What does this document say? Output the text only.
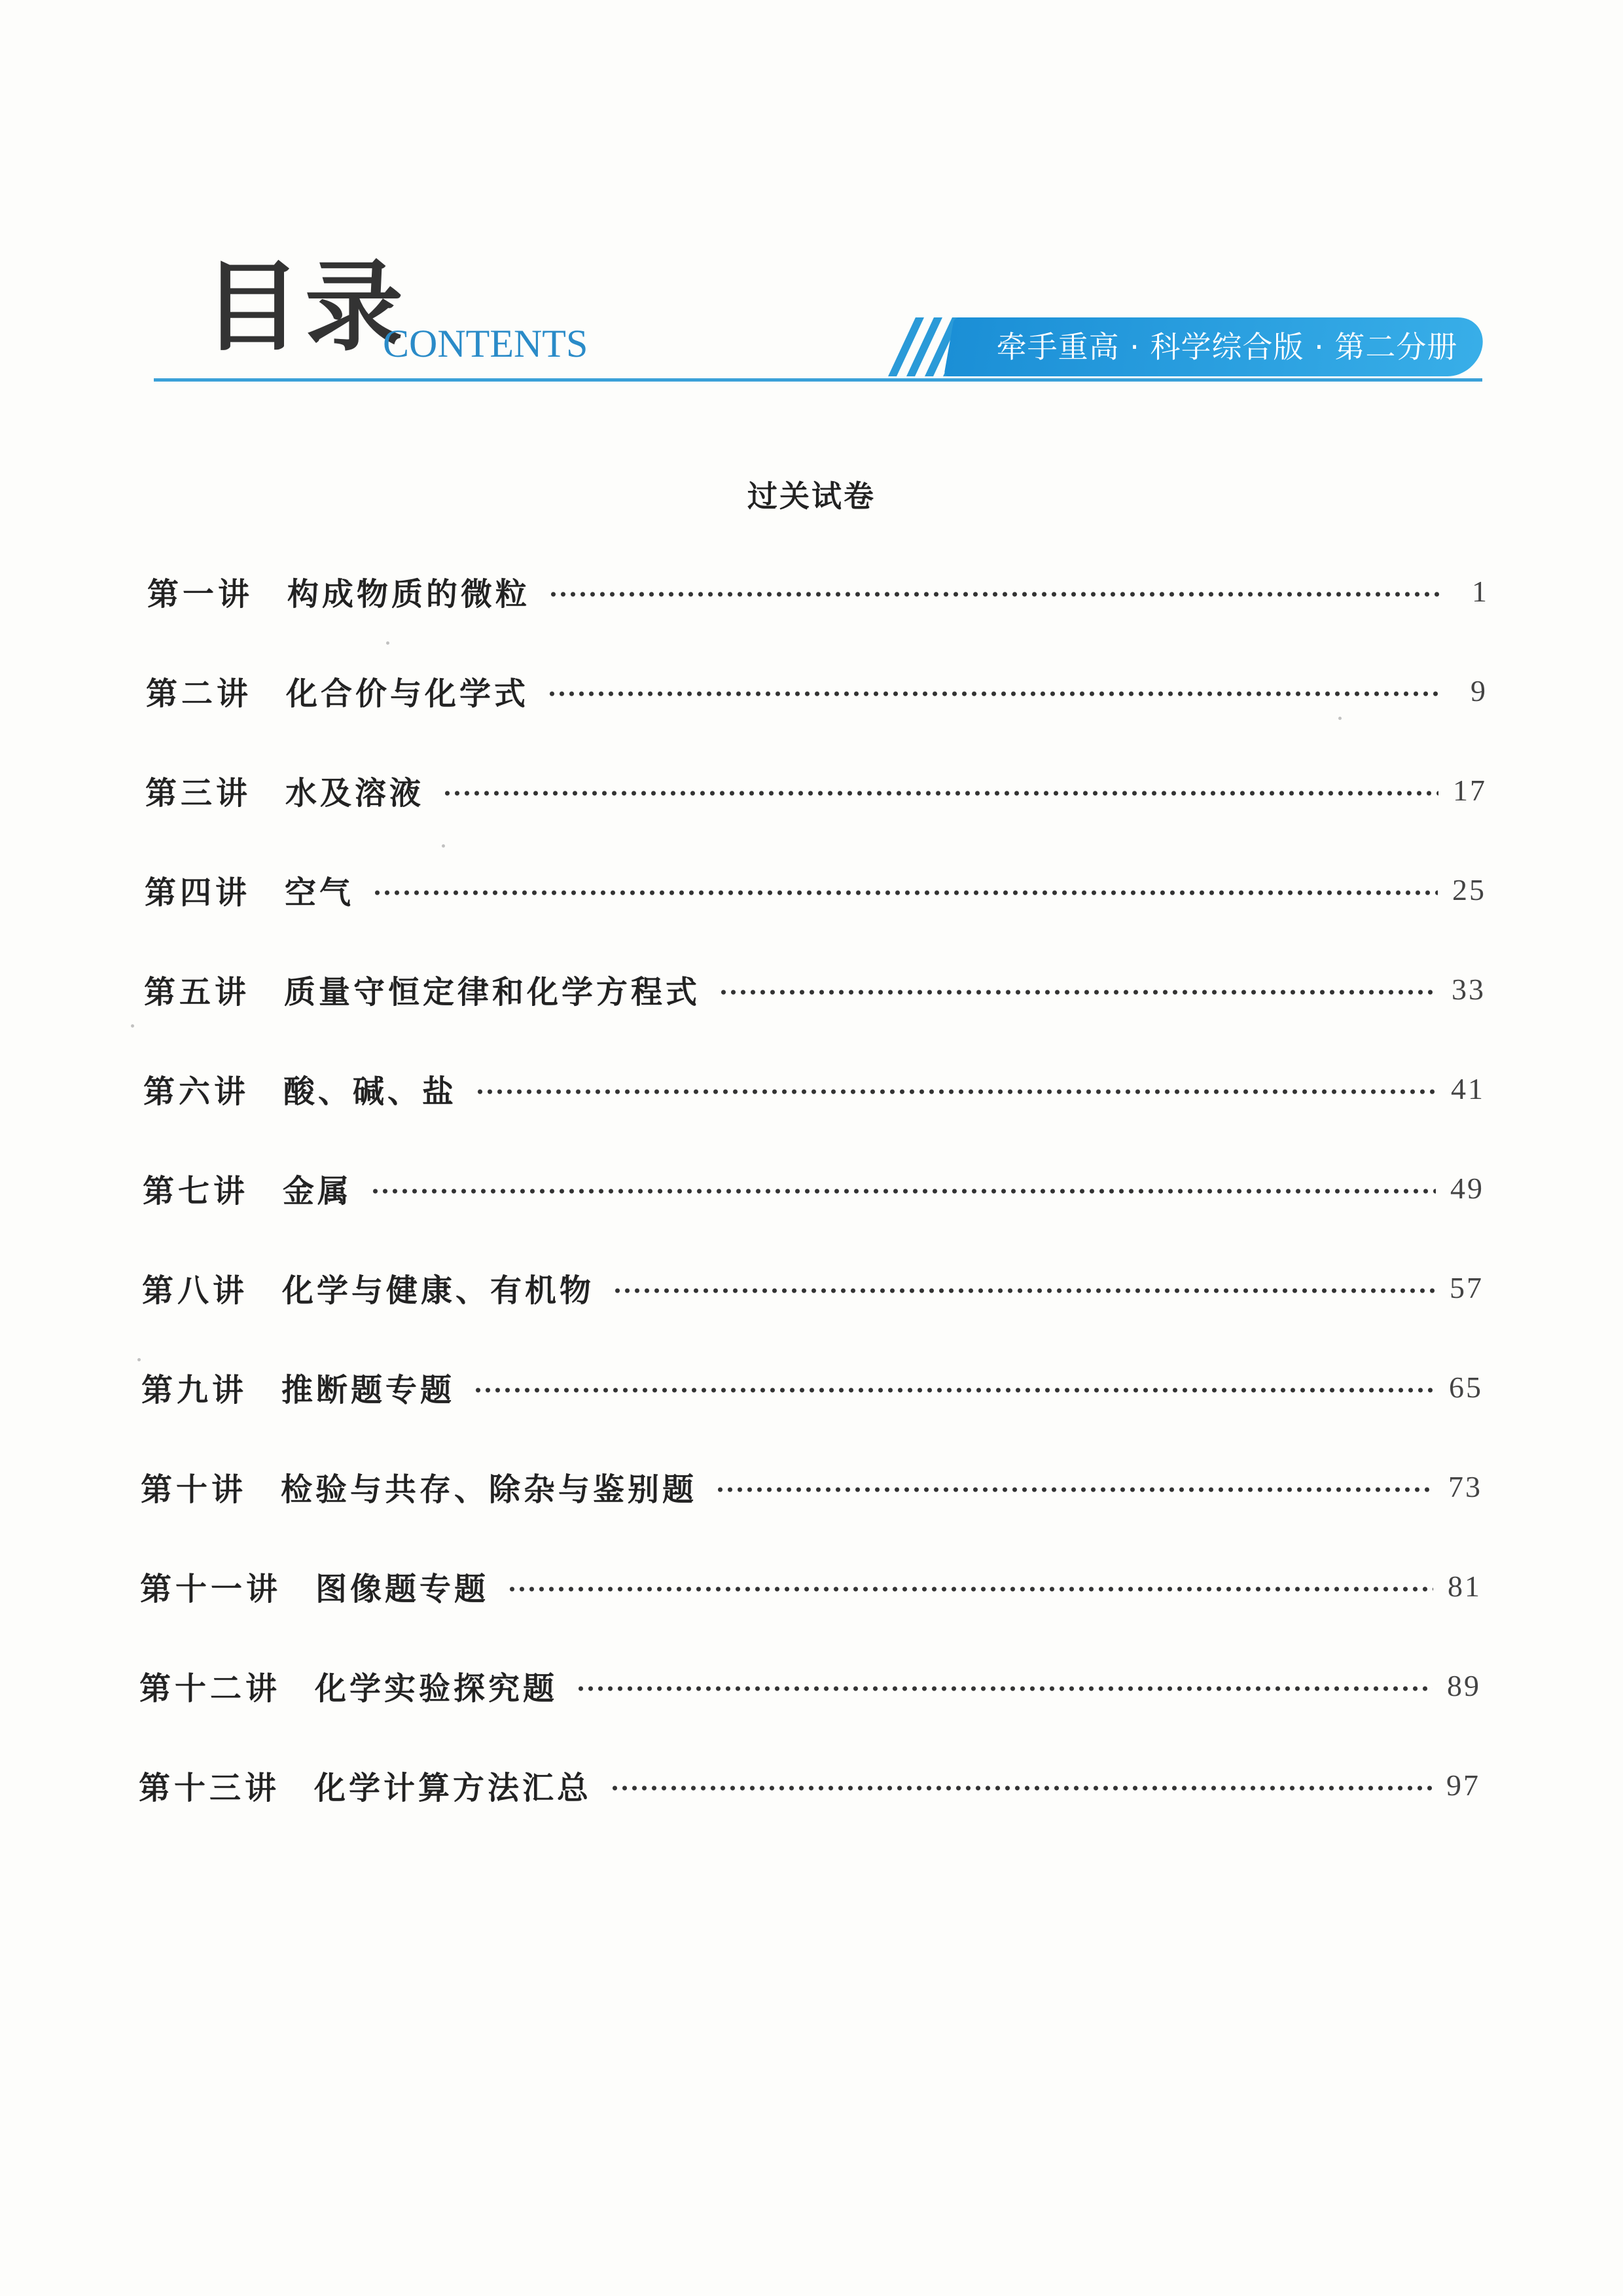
目录
CONTENTS	牵手重高 · 科学综合版 · 第二分册
过关试卷
第一讲 构成物质的微粒	1
第二讲 化合价与化学式	9
第三讲 水及溶液	17
第四讲 空气	25
第五讲 质量守恒定律和化学方程式	33
第六讲 酸、碱、盐	41
第七讲 金属	49
第八讲 化学与健康、有机物	57
第九讲 推断题专题	65
第十讲 检验与共存、除杂与鉴别题	73
第十一讲 图像题专题	81
第十二讲 化学实验探究题	89
第十三讲 化学计算方法汇总	97
